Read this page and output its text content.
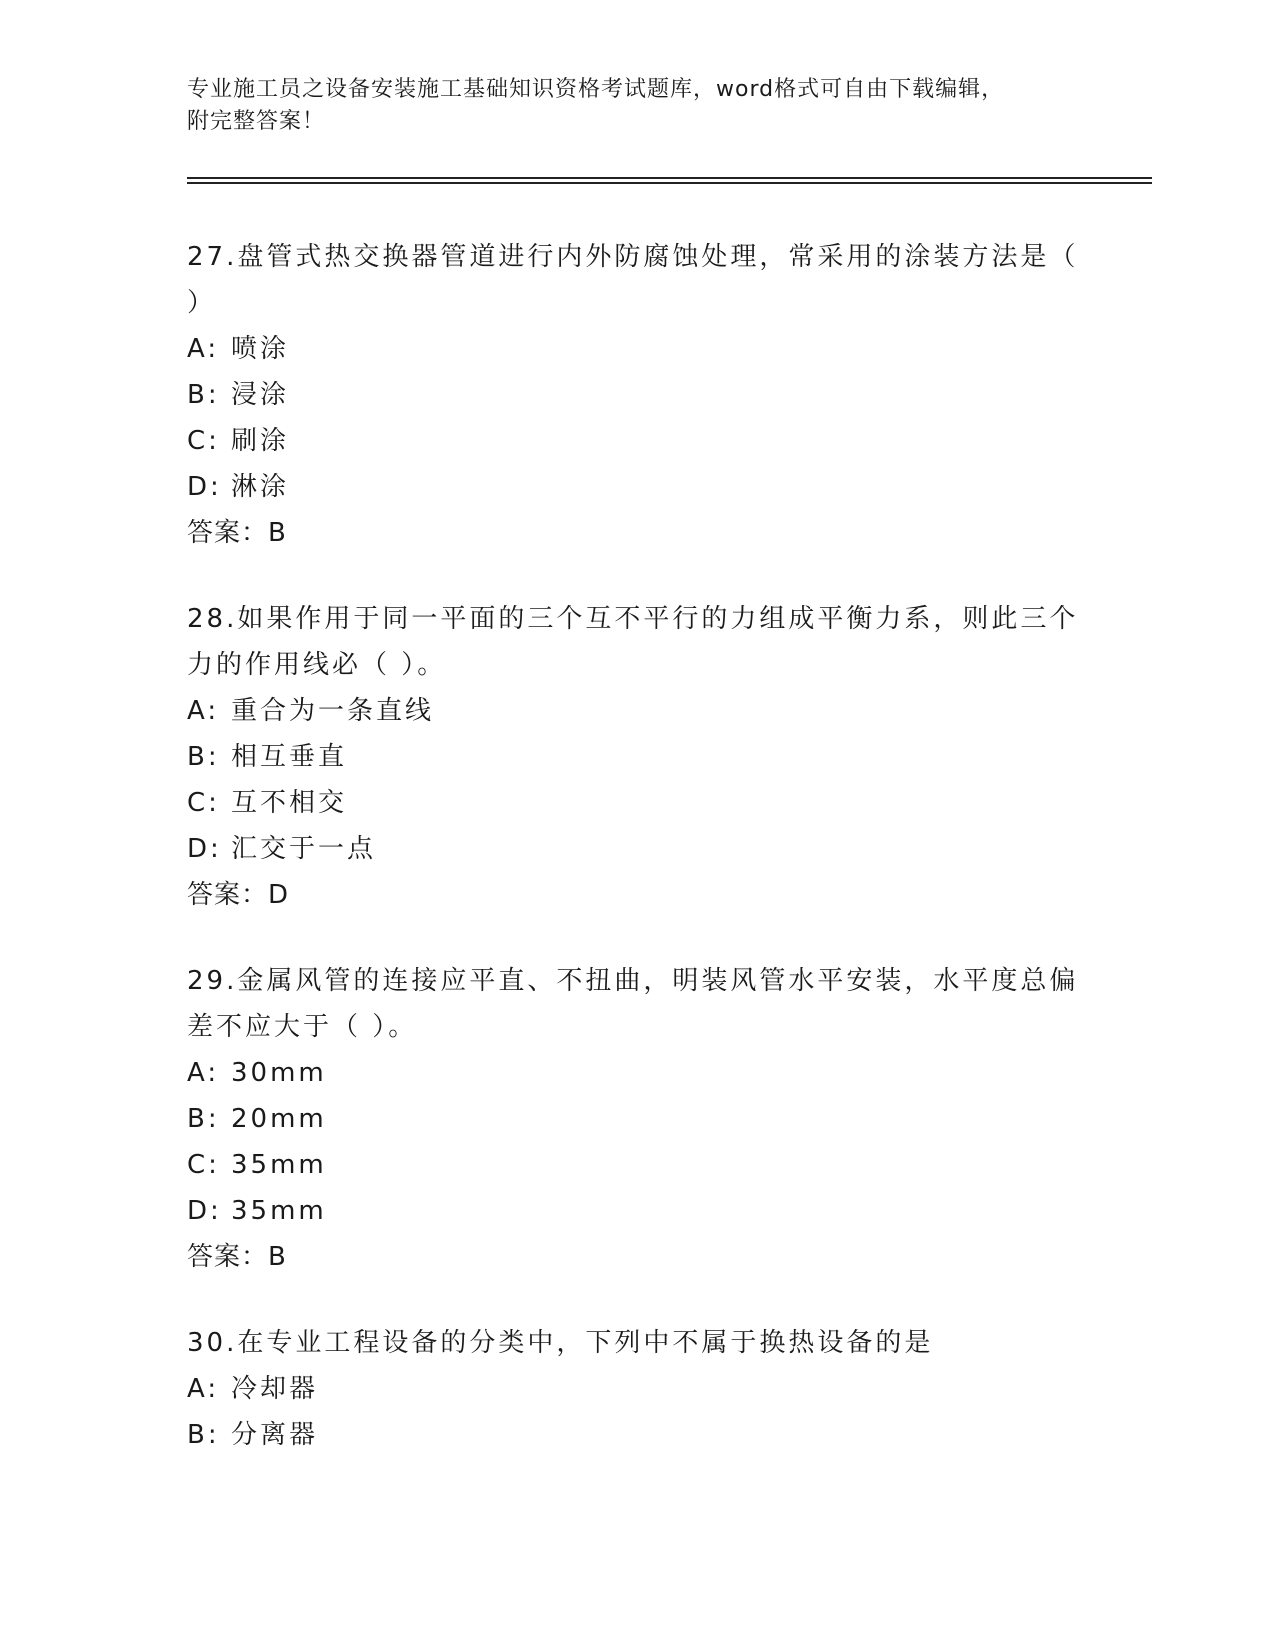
专业施工员之设备安装施工基础知识资格考试题库，word格式可自由下载编辑，
附完整答案！
27.盘管式热交换器管道进行内外防腐蚀处理，常采用的涂装方法是（
）
A: 喷涂
B: 浸涂
C: 刷涂
D: 淋涂
答案：B
28.如果作用于同一平面的三个互不平行的力组成平衡力系，则此三个
力的作用线必（ ）。
A: 重合为一条直线
B: 相互垂直
C: 互不相交
D: 汇交于一点
答案：D
29.金属风管的连接应平直、不扭曲，明装风管水平安装，水平度总偏
差不应大于（ ）。
A: 30mm
B: 20mm
C: 35mm
D: 35mm
答案：B
30.在专业工程设备的分类中，下列中不属于换热设备的是
A: 冷却器
B: 分离器
